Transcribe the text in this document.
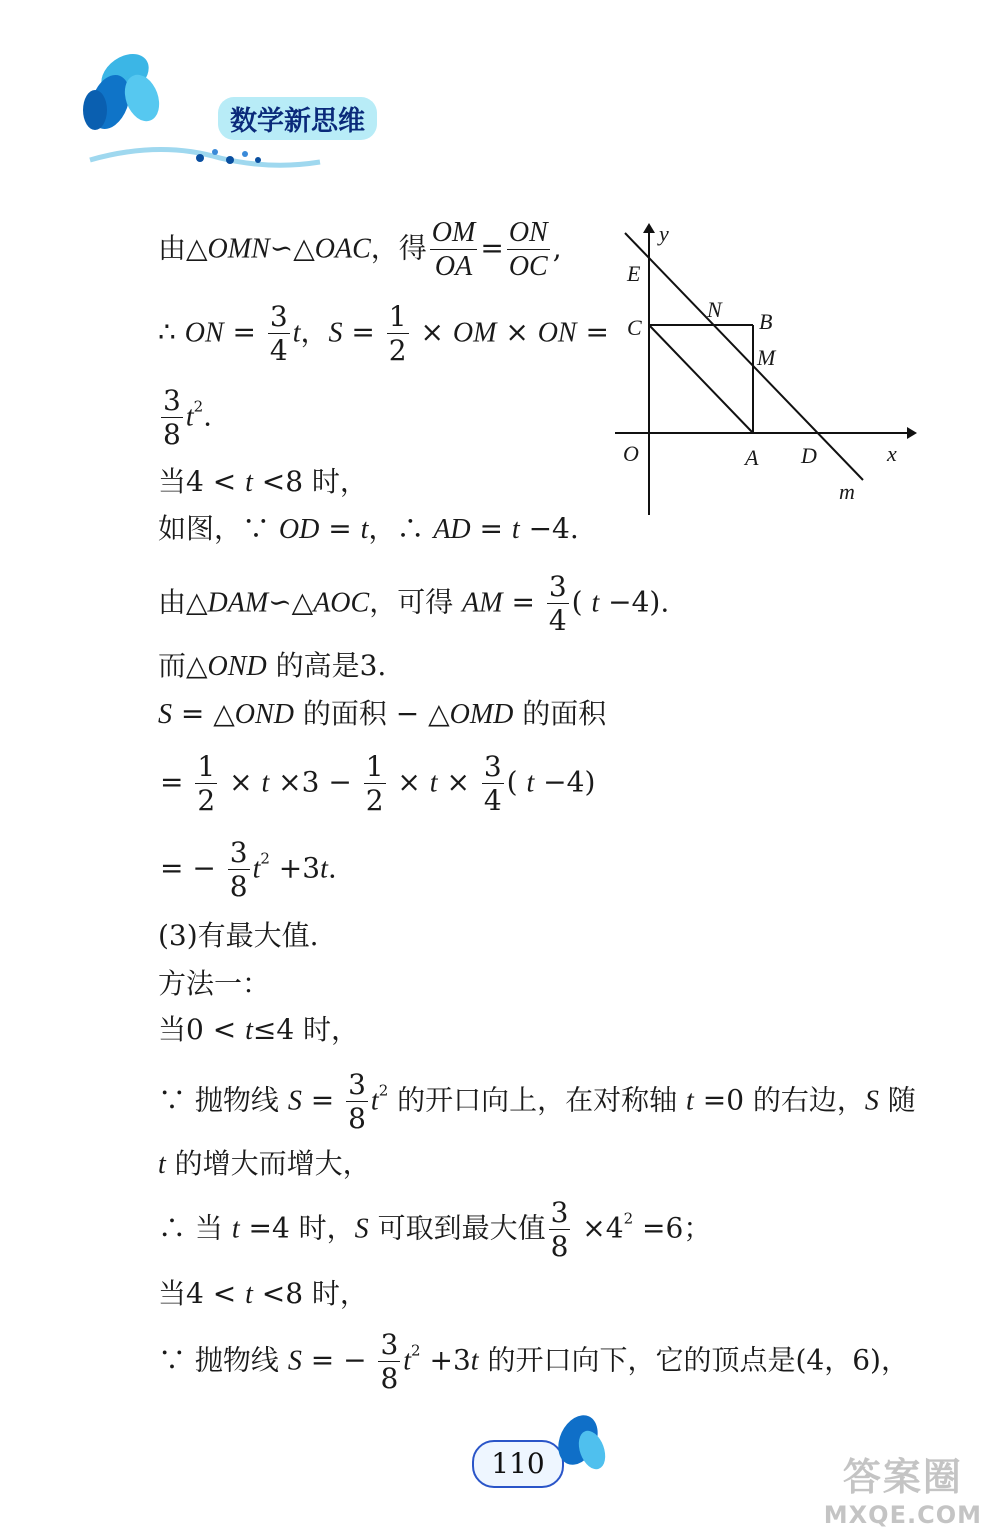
数学新思维
y
E
N
C	B
M
O	A D	x
m
由△OMN∽△OAC，得 $\frac{OM}{OA} = \frac{ON}{OC}$ ,
∴ ON = $\frac{3}{4}$ t，$S = \frac{1}{2}$ × OM × ON =
$\frac{3}{8} t^2$.
当4 < t <8 时，
如图，∵ OD = t，∴ AD = t −4.
由△DAM∽△AOC，可得 AM = $\frac{3}{4}$ ( t −4).
而△OND 的高是3.
S = △OND 的面积 − △OMD 的面积
= $\frac{1}{2} \times t \times 3 - \frac{1}{2} \times t \times \frac{3}{4}$ ( t −4)
= − $\frac{3}{8} t^2 +3t$.
(3)有最大值.
方法一：
当0 < t≤4 时，
∵ 抛物线 $S = \frac{3}{8} t^2$ 的开口向上，在对称轴 t =0 的右边，S 随
t 的增大而增大，
∴ 当 t =4 时，S 可取到最大值 $\frac{3}{8} \times 4^2 =6$；
当4 < t <8 时，
∵ 抛物线 S = − $\frac{3}{8} t^2 +3t$ 的开口向下，它的顶点是(4，6)，
110	答案圈
MXQE.COM
